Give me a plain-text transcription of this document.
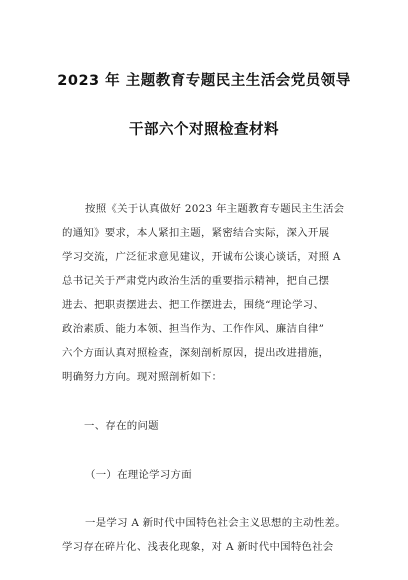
2023 年 主题教育专题民主生活会党员领导
干部六个对照检查材料
按照《关于认真做好 2023 年主题教育专题民主生活会
的通知》要求，本人紧扣主题，紧密结合实际，深入开展
学习交流，广泛征求意见建议，开诚布公谈心谈话，对照 A
总书记关于严肃党内政治生活的重要指示精神，把自己摆
进去、把职责摆进去、把工作摆进去，围绕“理论学习、
政治素质、能力本领、担当作为、工作作风、廉洁自律”
六个方面认真对照检查，深刻剖析原因，提出改进措施，
明确努力方向。现对照剖析如下：
一、存在的问题
（一）在理论学习方面
一是学习 A 新时代中国特色社会主义思想的主动性差。
学习存在碎片化、浅表化现象，对 A 新时代中国特色社会
